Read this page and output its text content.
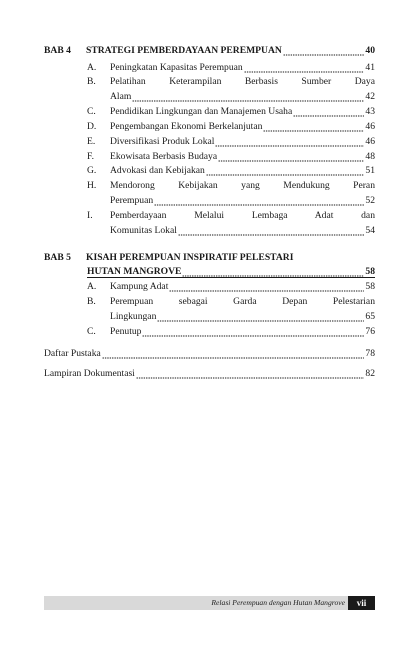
BAB 4	STRATEGI PEMBERDAYAAN PEREMPUAN	40
A.	Peningkatan Kapasitas Perempuan	41
B.	Pelatihan Keterampilan Berbasis Sumber Daya
Alam	42
C.	Pendidikan Lingkungan dan Manajemen Usaha	43
D.	Pengembangan Ekonomi Berkelanjutan	46
E.	Diversifikasi Produk Lokal	46
F.	Ekowisata Berbasis Budaya	48
G.	Advokasi dan Kebijakan	51
H.	Mendorong Kebijakan yang Mendukung Peran
Perempuan	52
I.	Pemberdayaan Melalui Lembaga Adat dan
Komunitas Lokal	54
BAB 5	KISAH PEREMPUAN INSPIRATIF PELESTARI
HUTAN MANGROVE	58
A.	Kampung Adat	58
B.	Perempuan sebagai Garda Depan Pelestarian
Lingkungan	65
C.	Penutup	76
Daftar Pustaka	78
Lampiran Dokumentasi	82
Relasi Perempuan dengan Hutan Mangrove	vii
